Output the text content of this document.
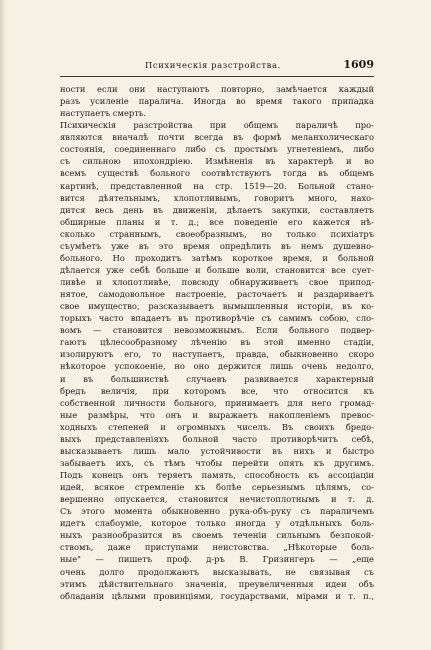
Психическія разстройства.	1609
ности если они наступаютъ повторно, замѣчается каждый
разъ усиленіе паралича. Иногда во время такого припадка
наступаетъ смерть.
Психическія разстройства при общемъ параличѣ про-
являются вначалѣ почти всегда въ формѣ меланхолическаго
состоянія, соединеннаго либо съ простымъ угнетеніемъ, либо
съ сильною ипохондріею. Измѣненія въ характерѣ и во
всемъ существѣ больного соотвѣтствуютъ тогда въ общемъ
картинѣ, представленной на стр. 1519—20. Больной стано-
вится дѣятельнымъ, хлопотливымъ, говоритъ много, нахо-
дится весь день въ движеніи, дѣлаетъ закупки, составляетъ
обширные планы и т. д.; все поведеніе его кажется нѣ-
сколько страннымъ, своеобразнымъ, но только психіатръ
съумѣетъ уже въ это время опредѣлить въ немъ душевно-
больного. Но проходитъ затѣмъ короткое время, и больной
дѣлается уже себѣ больше и больше воли, становится все сует-
ливѣе и хлопотливѣе, повсюду обнаруживаетъ свое припод-
нятое, самодовольное настроеніе, расточаетъ и раздариваетъ
свое имущество, разсказываетъ вымышленныя исторіи, въ ко-
торыхъ часто впадаетъ въ противорѣчіе съ самимъ собою, сло-
вомъ — становится невозможнымъ. Если больного подвер-
гаютъ цѣлесообразному лѣченію въ этой именно стадіи,
изолируютъ его, то наступаетъ, правда, обыкновенно скоро
нѣкоторое успокоеніе, но оно держится лишь очень недолго,
и въ большинствѣ случаевъ развивается характерный
бредъ величія, при которомъ все, что относится къ
собственной личности больного, принимаетъ для него громад-
ные размѣры, что онъ и выражаетъ накопленіемъ превос-
ходныхъ степеней и огромныхъ чиселъ. Въ своихъ бредо-
выхъ представленіяхъ больной часто противорѣчитъ себѣ,
высказываетъ лишь мало устойчивости въ нихъ и быстро
забываетъ ихъ, съ тѣмъ чтобы перейти опять къ другимъ.
Подъ конецъ онъ теряетъ память, способность къ ассоціаціи
идей, всякое стремленіе къ болѣе серьезнымъ цѣлямъ, со-
вершенно опускается, становится нечистоплотнымъ и т. д.
Съ этого момента обыкновенно рука-объ-руку съ параличемъ
идетъ слабоуміе, которое только иногда у отдѣльныхъ боль-
ныхъ разнообразится въ своемъ теченіи сильнымъ безпокой-
ствомъ, даже приступами неистовства. „Нѣкоторые боль-
ные" — пишетъ проф. д-ръ В. Гризингеръ — „еще
очень долго продолжаютъ высказывать, не связывая съ
этимъ дѣйствительнаго значенія, преувеличенныя идеи объ
обладаніи цѣлыми провинціями, государствами, мірами и т. п.,
